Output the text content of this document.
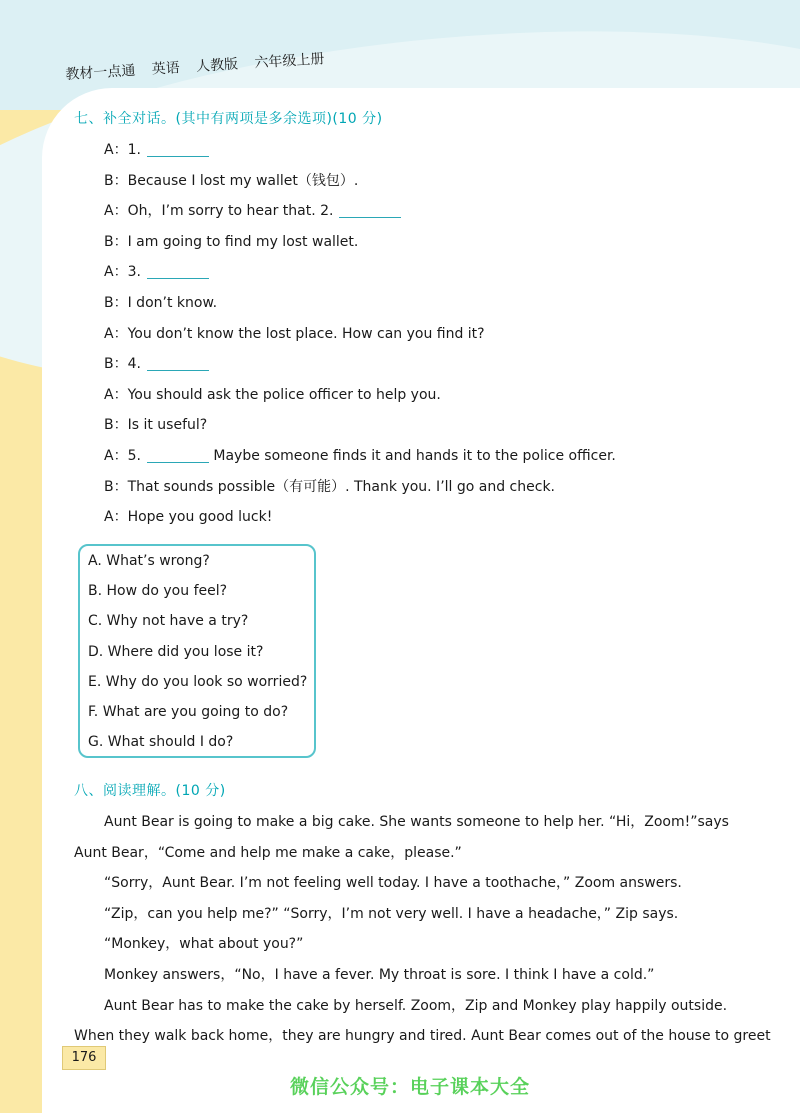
教材一点通 英语 人教版 六年级上册
七、补全对话。(其中有两项是多余选项)(10 分)
A：1.
B：Because I lost my wallet（钱包）.
A：Oh，I’m sorry to hear that. 2.
B：I am going to find my lost wallet.
A：3.
B：I don’t know.
A：You don’t know the lost place. How can you find it?
B：4.
A：You should ask the police officer to help you.
B：Is it useful?
A：5.	Maybe someone finds it and hands it to the police officer.
B：That sounds possible（有可能）. Thank you. I’ll go and check.
A：Hope you good luck!
A. What’s wrong?
B. How do you feel?
C. Why not have a try?
D. Where did you lose it?
E. Why do you look so worried?
F. What are you going to do?
G. What should I do?
八、阅读理解。(10 分)
Aunt Bear is going to make a big cake. She wants someone to help her. “Hi，Zoom!”says
Aunt Bear，“Come and help me make a cake，please.”
“Sorry，Aunt Bear. I’m not feeling well today. I have a toothache，” Zoom answers.
“Zip，can you help me?” “Sorry，I’m not very well. I have a headache，” Zip says.
“Monkey，what about you?”
Monkey answers，“No，I have a fever. My throat is sore. I think I have a cold.”
Aunt Bear has to make the cake by herself. Zoom，Zip and Monkey play happily outside.
When they walk back home，they are hungry and tired. Aunt Bear comes out of the house to greet
176
微信公众号：电子课本大全
